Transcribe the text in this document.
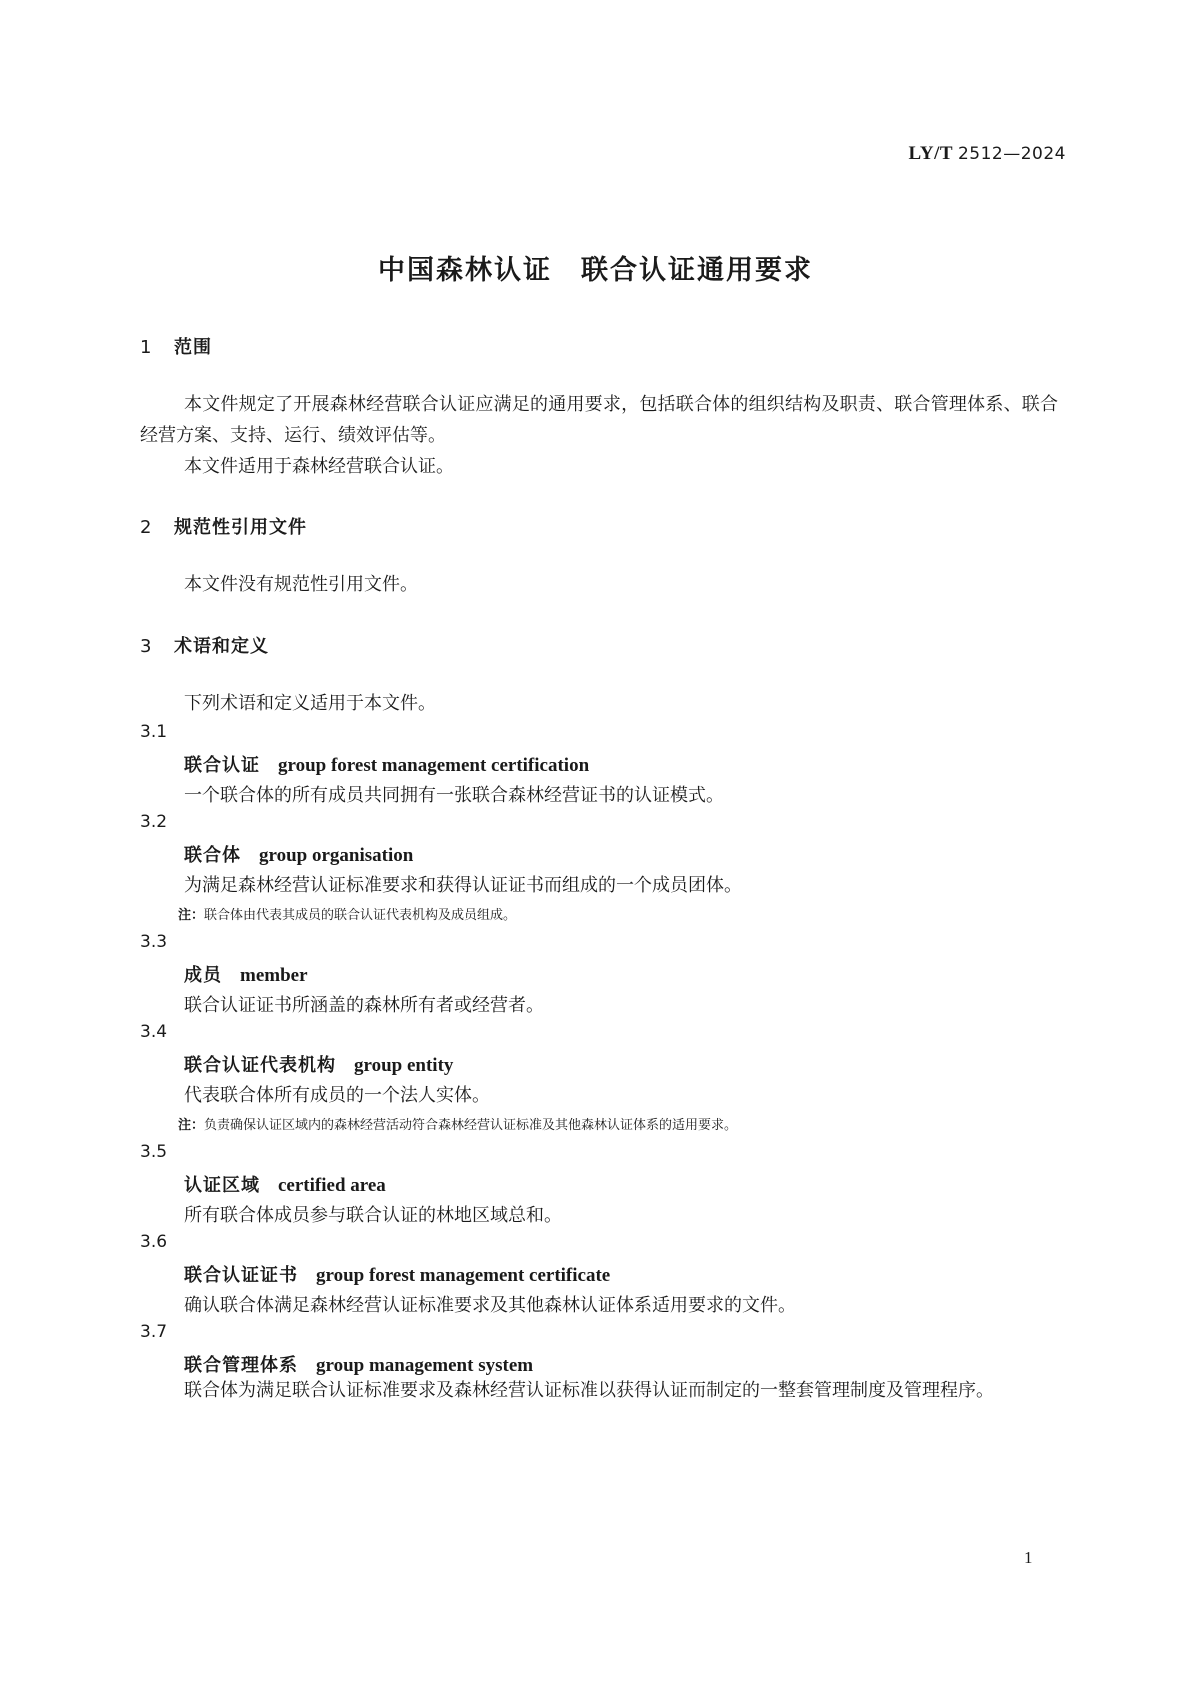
LY/T 2512—2024
中国森林认证　联合认证通用要求
1 范围
本文件规定了开展森林经营联合认证应满足的通用要求，包括联合体的组织结构及职责、联合管理体系、联合经营方案、支持、运行、绩效评估等。
本文件适用于森林经营联合认证。
2 规范性引用文件
本文件没有规范性引用文件。
3 术语和定义
下列术语和定义适用于本文件。
3.1
联合认证 group forest management certification
一个联合体的所有成员共同拥有一张联合森林经营证书的认证模式。
3.2
联合体 group organisation
为满足森林经营认证标准要求和获得认证证书而组成的一个成员团体。
注：联合体由代表其成员的联合认证代表机构及成员组成。
3.3
成员 member
联合认证证书所涵盖的森林所有者或经营者。
3.4
联合认证代表机构 group entity
代表联合体所有成员的一个法人实体。
注：负责确保认证区域内的森林经营活动符合森林经营认证标准及其他森林认证体系的适用要求。
3.5
认证区域 certified area
所有联合体成员参与联合认证的林地区域总和。
3.6
联合认证证书 group forest management certificate
确认联合体满足森林经营认证标准要求及其他森林认证体系适用要求的文件。
3.7
联合管理体系 group management system
联合体为满足联合认证标准要求及森林经营认证标准以获得认证而制定的一整套管理制度及管理程序。
1
